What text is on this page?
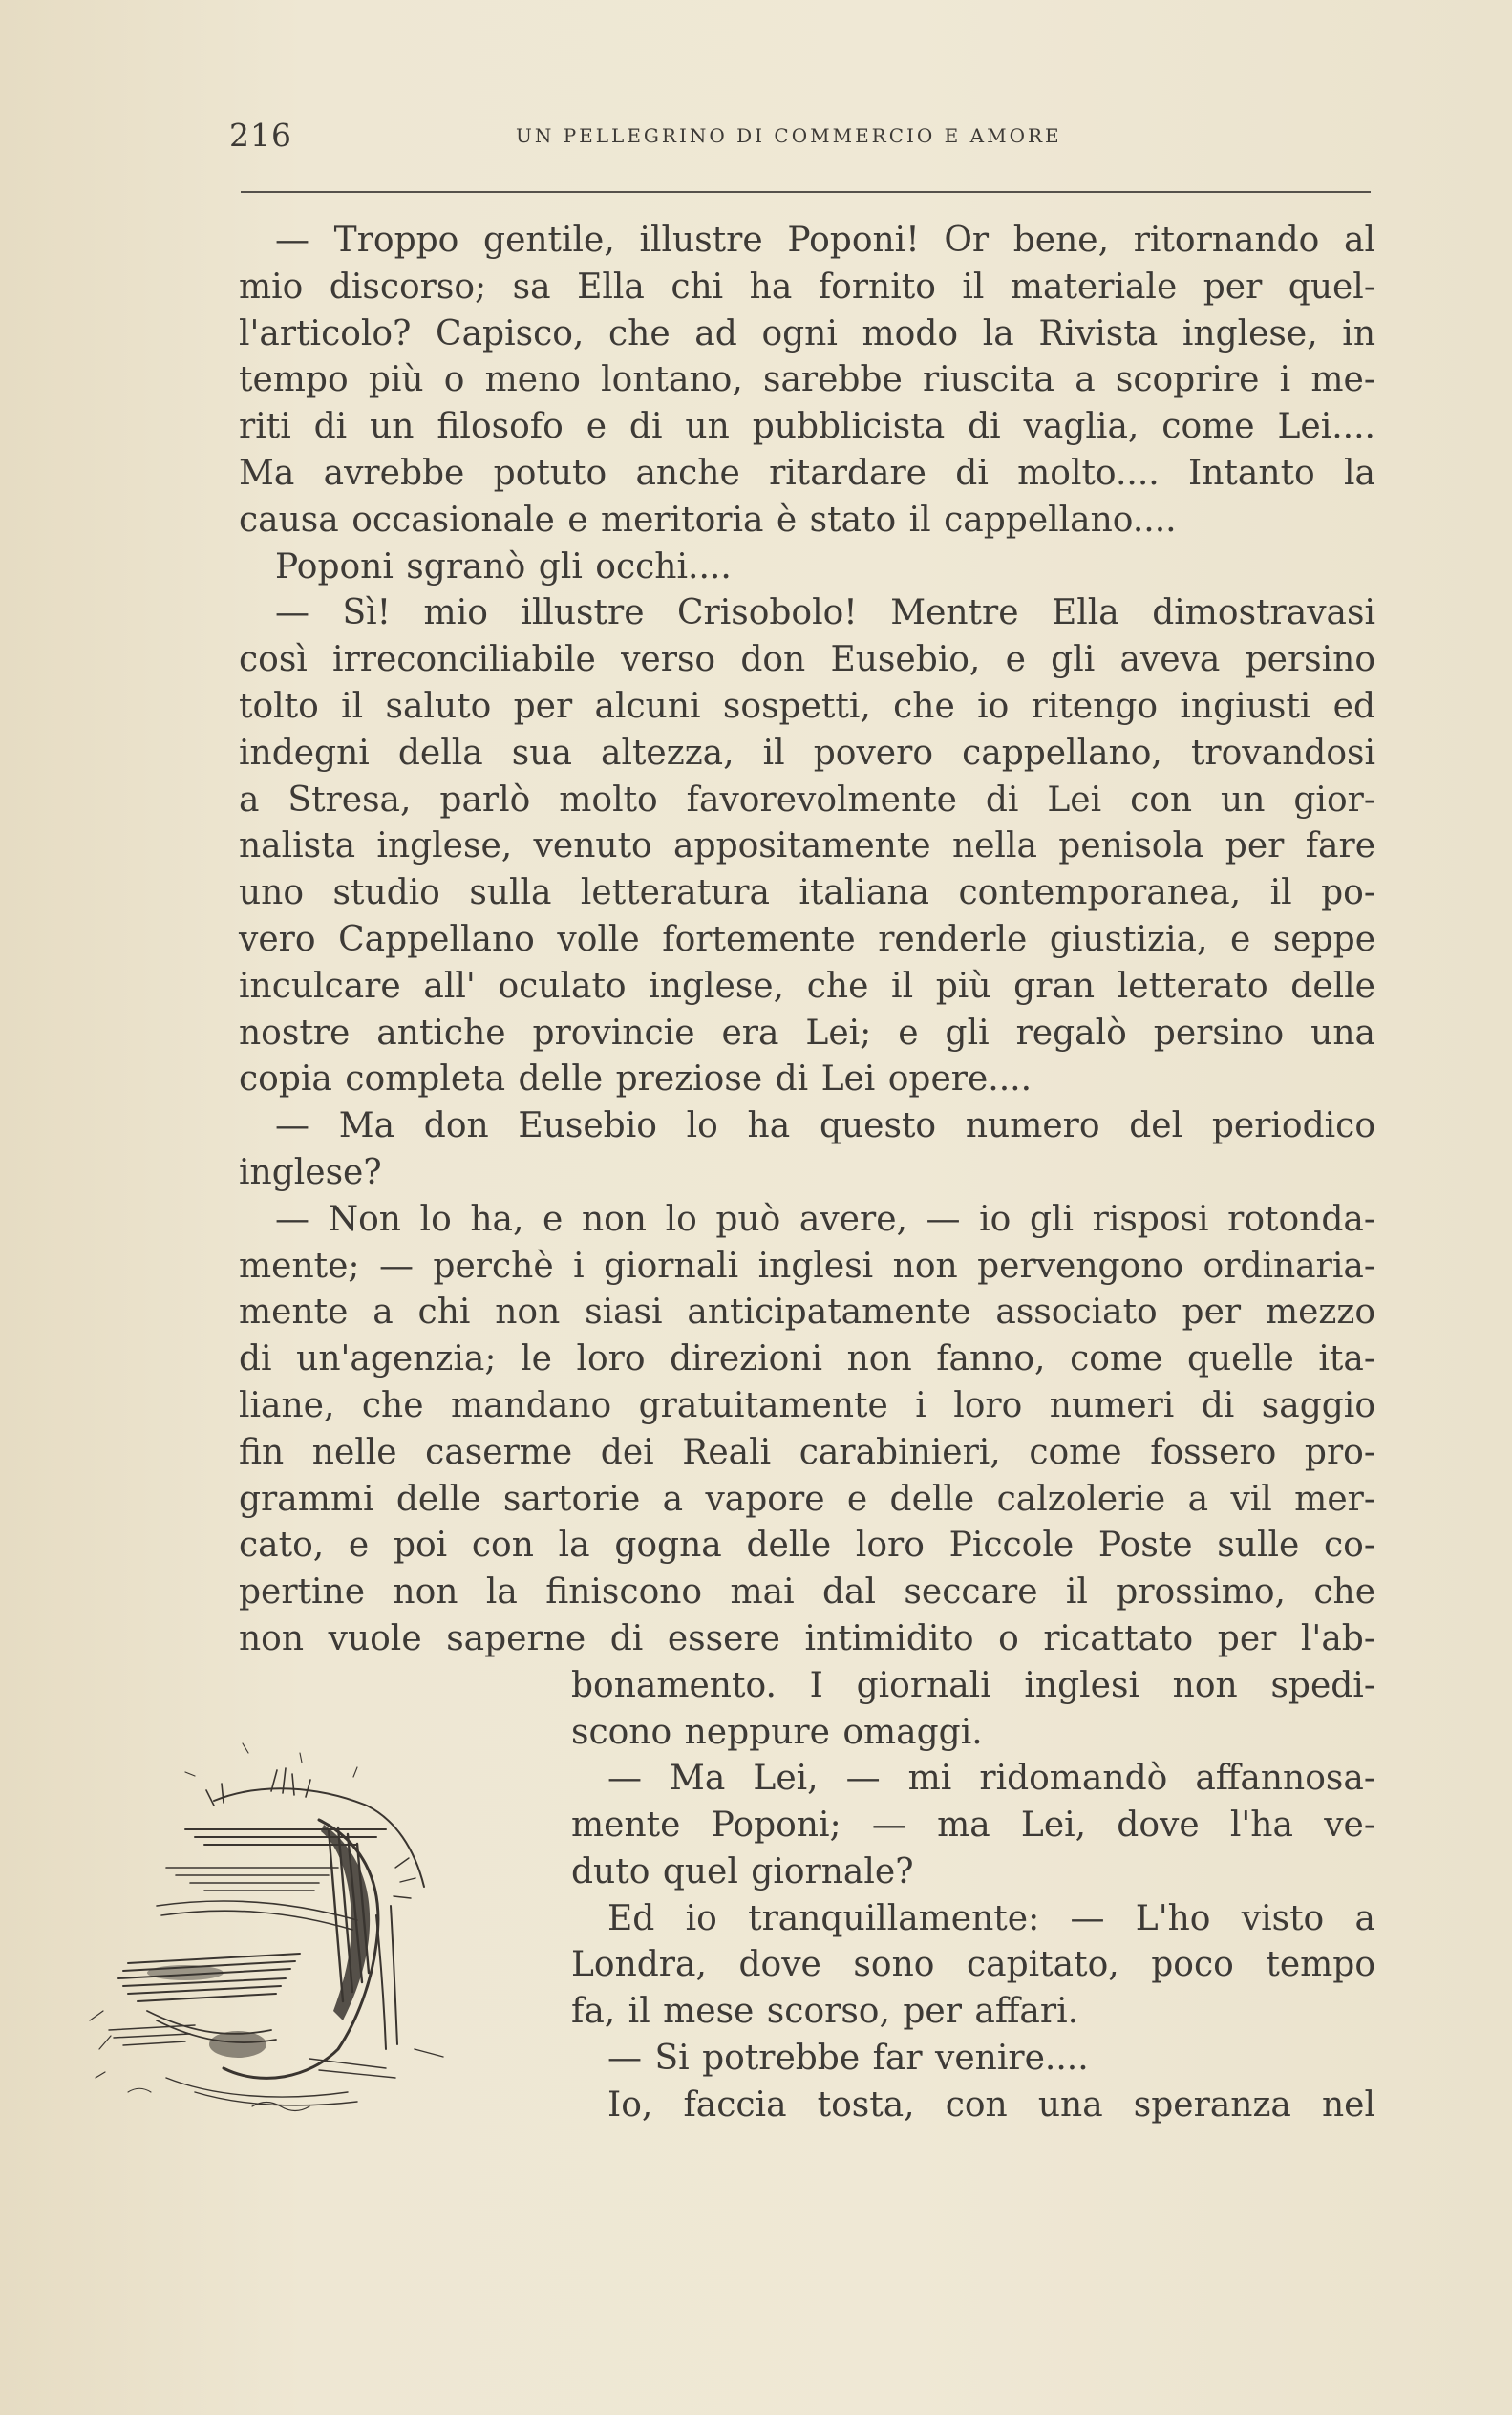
216	UN PELLEGRINO DI COMMERCIO E AMORE
— Troppo gentile, illustre Poponi! Or bene, ritornando al
mio discorso; sa Ella chi ha fornito il materiale per quel-
l'articolo? Capisco, che ad ogni modo la Rivista inglese, in
tempo più o meno lontano, sarebbe riuscita a scoprire i me-
riti di un filosofo e di un pubblicista di vaglia, come Lei....
Ma avrebbe potuto anche ritardare di molto.... Intanto la
causa occasionale e meritoria è stato il cappellano....
Poponi sgranò gli occhi....
— Sì! mio illustre Crisobolo! Mentre Ella dimostravasi
così irreconciliabile verso don Eusebio, e gli aveva persino
tolto il saluto per alcuni sospetti, che io ritengo ingiusti ed
indegni della sua altezza, il povero cappellano, trovandosi
a Stresa, parlò molto favorevolmente di Lei con un gior-
nalista inglese, venuto appositamente nella penisola per fare
uno studio sulla letteratura italiana contemporanea, il po-
vero Cappellano volle fortemente renderle giustizia, e seppe
inculcare all' oculato inglese, che il più gran letterato delle
nostre antiche provincie era Lei; e gli regalò persino una
copia completa delle preziose di Lei opere....
— Ma don Eusebio lo ha questo numero del periodico
inglese?
— Non lo ha, e non lo può avere, — io gli risposi rotonda-
mente; — perchè i giornali inglesi non pervengono ordinaria-
mente a chi non siasi anticipatamente associato per mezzo
di un'agenzia; le loro direzioni non fanno, come quelle ita-
liane, che mandano gratuitamente i loro numeri di saggio
fin nelle caserme dei Reali carabinieri, come fossero pro-
grammi delle sartorie a vapore e delle calzolerie a vil mer-
cato, e poi con la gogna delle loro Piccole Poste sulle co-
pertine non la finiscono mai dal seccare il prossimo, che
non vuole saperne di essere intimidito o ricattato per l'ab-
bonamento. I giornali inglesi non spedi-
scono neppure omaggi.
— Ma Lei, — mi ridomandò affannosa-
mente Poponi; — ma Lei, dove l'ha ve-
duto quel giornale?
Ed io tranquillamente: — L'ho visto a
Londra, dove sono capitato, poco tempo
fa, il mese scorso, per affari.
— Si potrebbe far venire....
Io, faccia tosta, con una speranza nel
